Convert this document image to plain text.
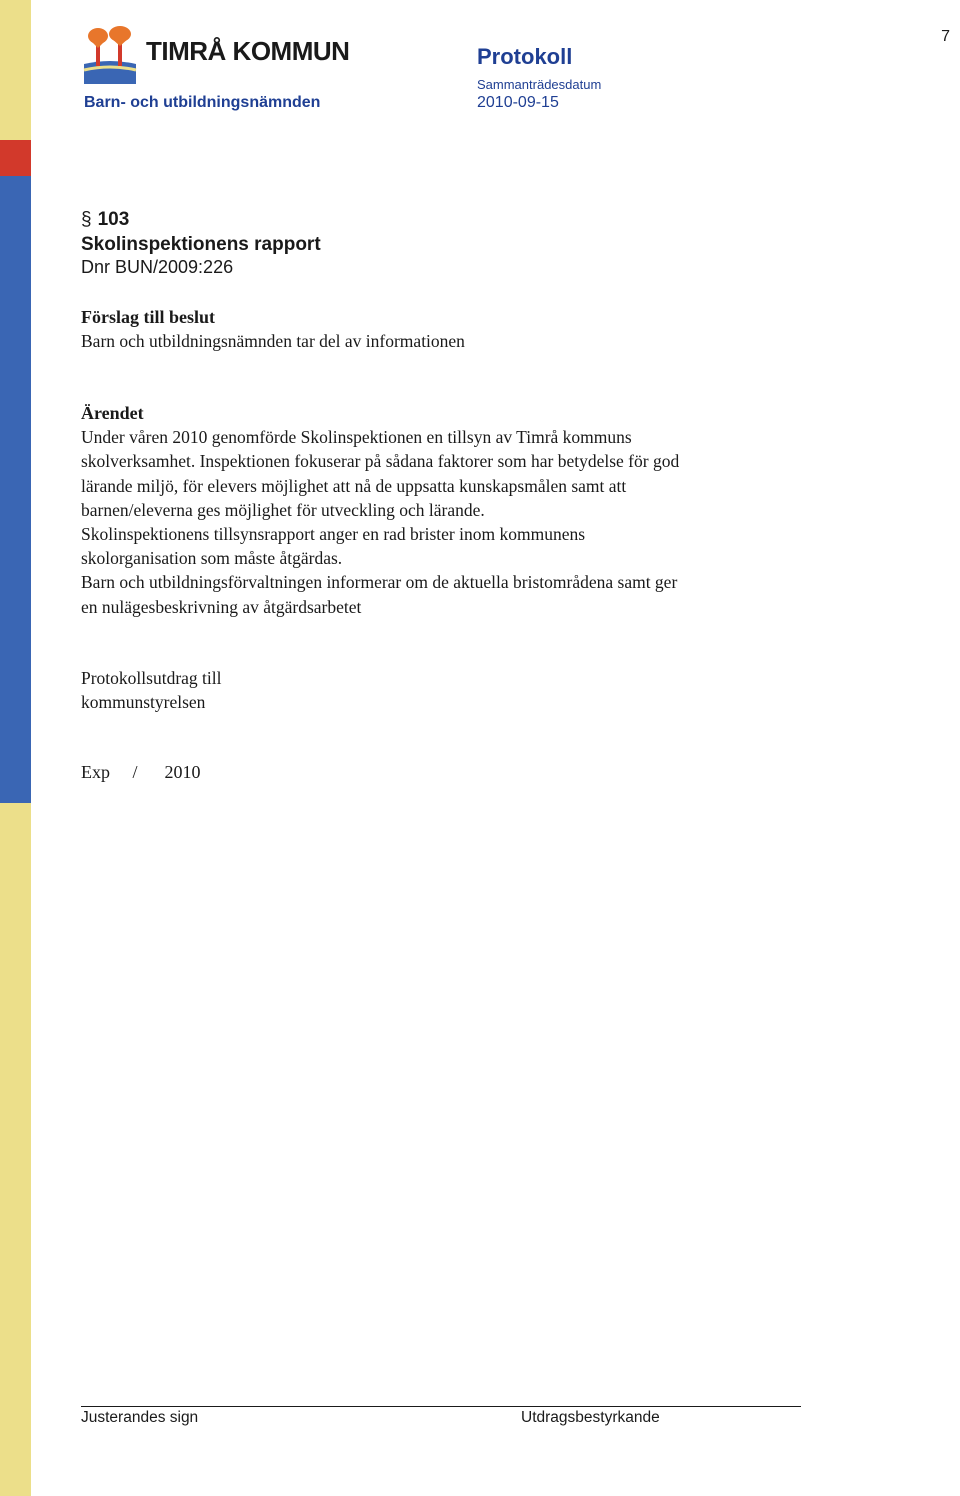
7
TIMRÅ KOMMUN
Barn- och utbildningsnämnden
Protokoll
Sammanträdesdatum
2010-09-15
§ 103
Skolinspektionens rapport
Dnr BUN/2009:226
Förslag till beslut
Barn och utbildningsnämnden tar del av informationen
Ärendet
Under våren 2010 genomförde Skolinspektionen en tillsyn av Timrå kommuns
skolverksamhet. Inspektionen fokuserar på sådana faktorer som har betydelse för god
lärande miljö, för elevers möjlighet att nå de uppsatta kunskapsmålen samt att
barnen/eleverna ges möjlighet för utveckling och lärande.
Skolinspektionens tillsynsrapport anger en rad brister inom kommunens
skolorganisation som måste åtgärdas.
Barn och utbildningsförvaltningen informerar om de aktuella bristområdena samt ger
en nulägesbeskrivning av åtgärdsarbetet
Protokollsutdrag till
kommunstyrelsen
Exp     /      2010
Justerandes sign	Utdragsbestyrkande
